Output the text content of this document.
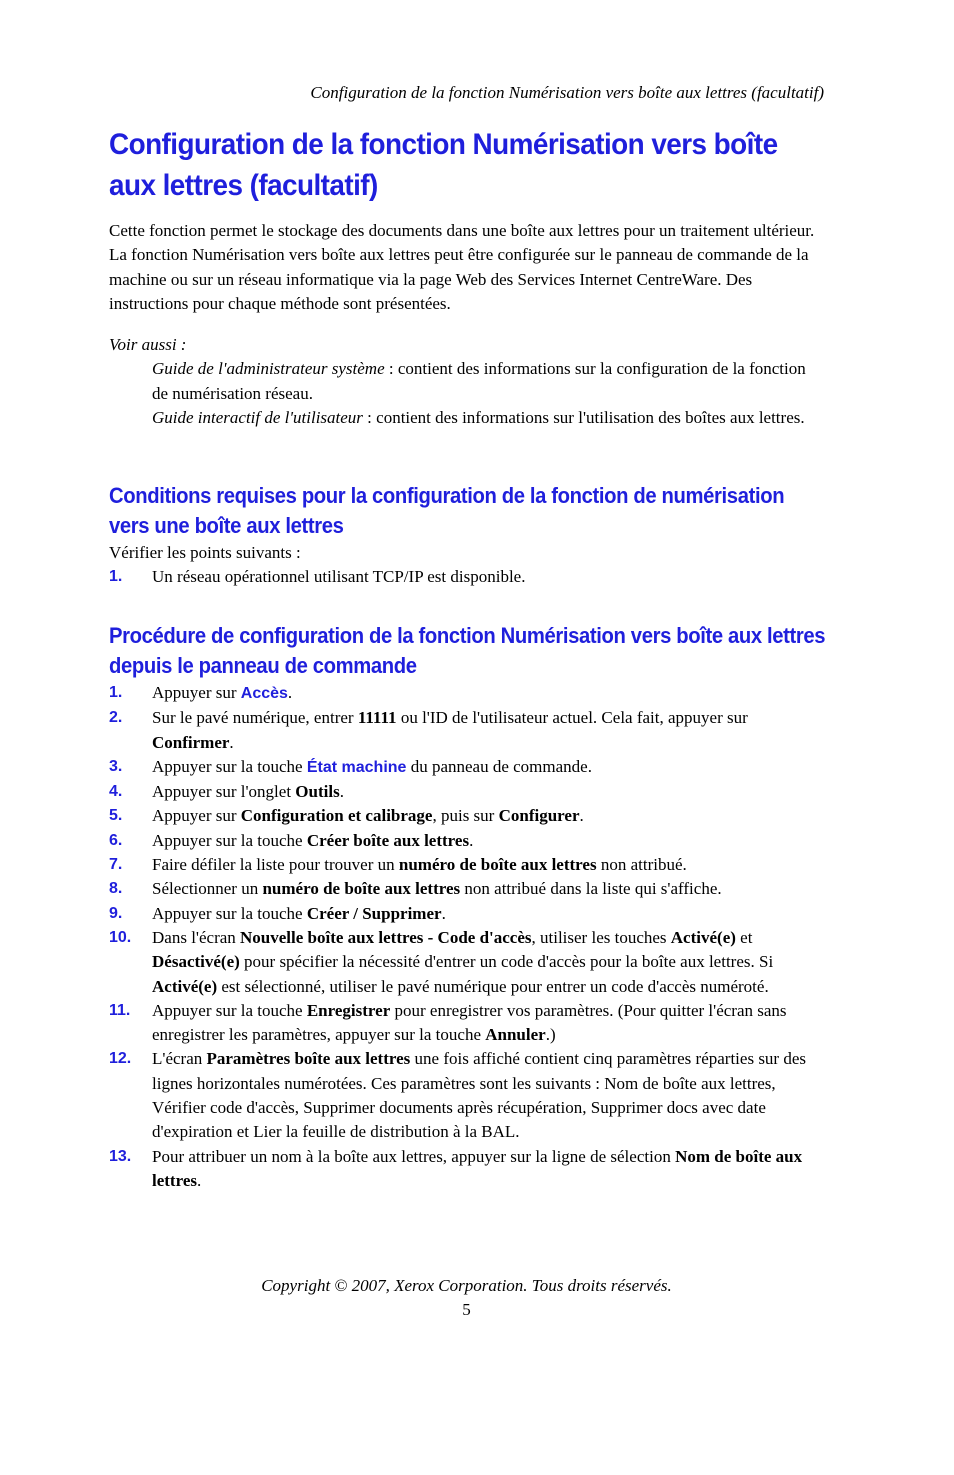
Configuration de la fonction Numérisation vers boîte aux lettres (facultatif)
Configuration de la fonction Numérisation vers boîte aux lettres (facultatif)

Cette fonction permet le stockage des documents dans une boîte aux lettres pour un traitement ultérieur. La fonction Numérisation vers boîte aux lettres peut être configurée sur le panneau de commande de la machine ou sur un réseau informatique via la page Web des Services Internet CentreWare. Des instructions pour chaque méthode sont présentées.

Voir aussi :

Guide de l'administrateur système : contient des informations sur la configuration de la fonction de numérisation réseau.

Guide interactif de l'utilisateur : contient des informations sur l'utilisation des boîtes aux lettres.

Conditions requises pour la configuration de la fonction de numérisation vers une boîte aux lettres

Vérifier les points suivants :

1. Un réseau opérationnel utilisant TCP/IP est disponible.
Procédure de configuration de la fonction Numérisation vers boîte aux lettres depuis le panneau de commande
1. Appuyer sur Accès.
2. Sur le pavé numérique, entrer 11111 ou l'ID de l'utilisateur actuel. Cela fait, appuyer sur Confirmer.
3. Appuyer sur la touche État machine du panneau de commande.
4. Appuyer sur l'onglet Outils.
5. Appuyer sur Configuration et calibrage, puis sur Configurer.
6. Appuyer sur la touche Créer boîte aux lettres.
7. Faire défiler la liste pour trouver un numéro de boîte aux lettres non attribué.
8. Sélectionner un numéro de boîte aux lettres non attribué dans la liste qui s'affiche.
9. Appuyer sur la touche Créer / Supprimer.
10. Dans l'écran Nouvelle boîte aux lettres - Code d'accès, utiliser les touches Activé(e) et Désactivé(e) pour spécifier la nécessité d'entrer un code d'accès pour la boîte aux lettres. Si Activé(e) est sélectionné, utiliser le pavé numérique pour entrer un code d'accès numéroté.
11. Appuyer sur la touche Enregistrer pour enregistrer vos paramètres. (Pour quitter l'écran sans enregistrer les paramètres, appuyer sur la touche Annuler.)
12. L'écran Paramètres boîte aux lettres une fois affiché contient cinq paramètres réparties sur des lignes horizontales numérotées. Ces paramètres sont les suivants : Nom de boîte aux lettres, Vérifier code d'accès, Supprimer documents après récupération, Supprimer docs avec date d'expiration et Lier la feuille de distribution à la BAL.
13. Pour attribuer un nom à la boîte aux lettres, appuyer sur la ligne de sélection Nom de boîte aux lettres.
Copyright © 2007, Xerox Corporation. Tous droits réservés.
5
